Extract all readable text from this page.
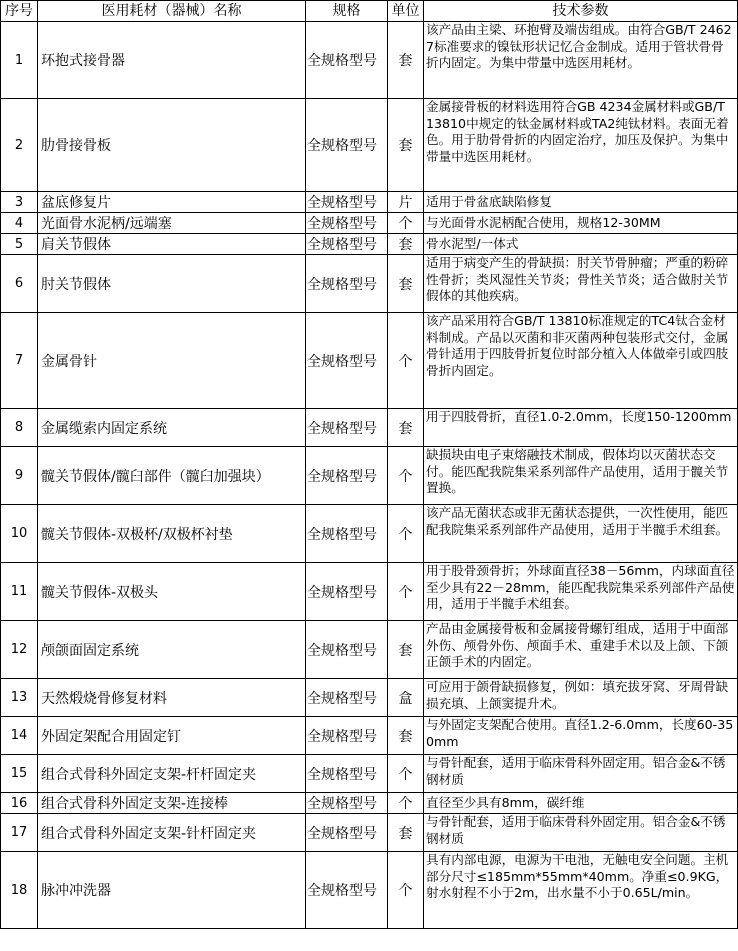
序号	医用耗材（器械）名称	规格	单位	技术参数
1	环抱式接骨器	全规格型号	套	该产品由主梁、环抱臂及端齿组成。由符合GB/T 24627标准要求的镍钛形状记忆合金制成。适用于管状骨骨折内固定。为集中带量中选医用耗材。
2	肋骨接骨板	全规格型号	套	金属接骨板的材料选用符合GB 4234金属材料或GB/T 13810中规定的钛金属材料或TA2纯钛材料。表面无着色。用于肋骨骨折的内固定治疗，加压及保护。为集中带量中选医用耗材。
3	盆底修复片	全规格型号	片	适用于骨盆底缺陷修复
4	光面骨水泥柄/远端塞	全规格型号	个	与光面骨水泥柄配合使用，规格12-30MM
5	肩关节假体	全规格型号	套	骨水泥型/一体式
6	肘关节假体	全规格型号	套	适用于病变产生的骨缺损：肘关节骨肿瘤；严重的粉碎性骨折；类风湿性关节炎；骨性关节炎；适合做肘关节假体的其他疾病。
7	金属骨针	全规格型号	个	该产品采用符合GB/T 13810标准规定的TC4钛合金材料制成。产品以灭菌和非灭菌两种包装形式交付，金属骨针适用于四肢骨折复位时部分植入人体做牵引或四肢骨折内固定。
8	金属缆索内固定系统	全规格型号	套	用于四肢骨折，直径1.0-2.0mm，长度150-1200mm
9	髋关节假体/髋臼部件（髋臼加强块）	全规格型号	个	缺损块由电子束熔融技术制成，假体均以灭菌状态交付。能匹配我院集采系列部件产品使用，适用于髋关节置换。
10	髋关节假体-双极杯/双极杯衬垫	全规格型号	个	该产品无菌状态或非无菌状态提供，一次性使用，能匹配我院集采系列部件产品使用，适用于半髋手术组套。
11	髋关节假体-双极头	全规格型号	个	用于股骨颈骨折；外球面直径38－56mm，内球面直径至少具有22－28mm，能匹配我院集采系列部件产品使用，适用于半髋手术组套。
12	颅颌面固定系统	全规格型号	套	产品由金属接骨板和金属接骨螺钉组成，适用于中面部外伤、颅骨外伤、颅面手术、重建手术以及上颌、下颌正颌手术的内固定。
13	天然煅烧骨修复材料	全规格型号	盒	可应用于颌骨缺损修复，例如：填充拔牙窝、牙周骨缺损充填、上颌窦提升术。
14	外固定架配合用固定钉	全规格型号	套	与外固定支架配合使用。直径1.2-6.0mm，长度60-350mm
15	组合式骨科外固定支架-杆杆固定夹	全规格型号	个	与骨针配套，适用于临床骨科外固定用。铝合金&不锈钢材质
16	组合式骨科外固定支架-连接棒	全规格型号	个	直径至少具有8mm，碳纤维
17	组合式骨科外固定支架-针杆固定夹	全规格型号	套	与骨针配套，适用于临床骨科外固定用。铝合金&不锈钢材质
18	脉冲冲洗器	全规格型号	个	具有内部电源，电源为干电池，无触电安全问题。主机部分尺寸≤185mm*55mm*40mm。净重≤0.9KG，射水射程不小于2m，出水量不小于0.65L/min。
